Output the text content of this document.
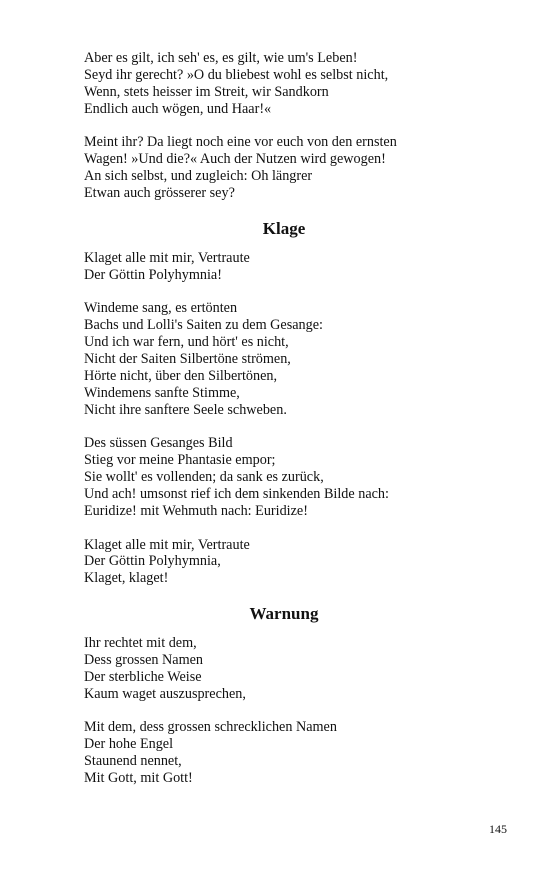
Aber es gilt, ich seh' es, es gilt, wie um's Leben!
Seyd ihr gerecht? »O du bliebest wohl es selbst nicht,
Wenn, stets heisser im Streit, wir Sandkorn
Endlich auch wögen, und Haar!«
Meint ihr? Da liegt noch eine vor euch von den ernsten
Wagen! »Und die?« Auch der Nutzen wird gewogen!
An sich selbst, und zugleich: Oh längrer
Etwan auch grösserer sey?
Klage
Klaget alle mit mir, Vertraute
Der Göttin Polyhymnia!
Windeme sang, es ertönten
Bachs und Lolli's Saiten zu dem Gesange:
Und ich war fern, und hört' es nicht,
Nicht der Saiten Silbertöne strömen,
Hörte nicht, über den Silbertönen,
Windemens sanfte Stimme,
Nicht ihre sanftere Seele schweben.
Des süssen Gesanges Bild
Stieg vor meine Phantasie empor;
Sie wollt' es vollenden; da sank es zurück,
Und ach! umsonst rief ich dem sinkenden Bilde nach:
Euridize! mit Wehmuth nach: Euridize!
Klaget alle mit mir, Vertraute
Der Göttin Polyhymnia,
Klaget, klaget!
Warnung
Ihr rechtet mit dem,
Dess grossen Namen
Der sterbliche Weise
Kaum waget auszusprechen,
Mit dem, dess grossen schrecklichen Namen
Der hohe Engel
Staunend nennet,
Mit Gott, mit Gott!
145
